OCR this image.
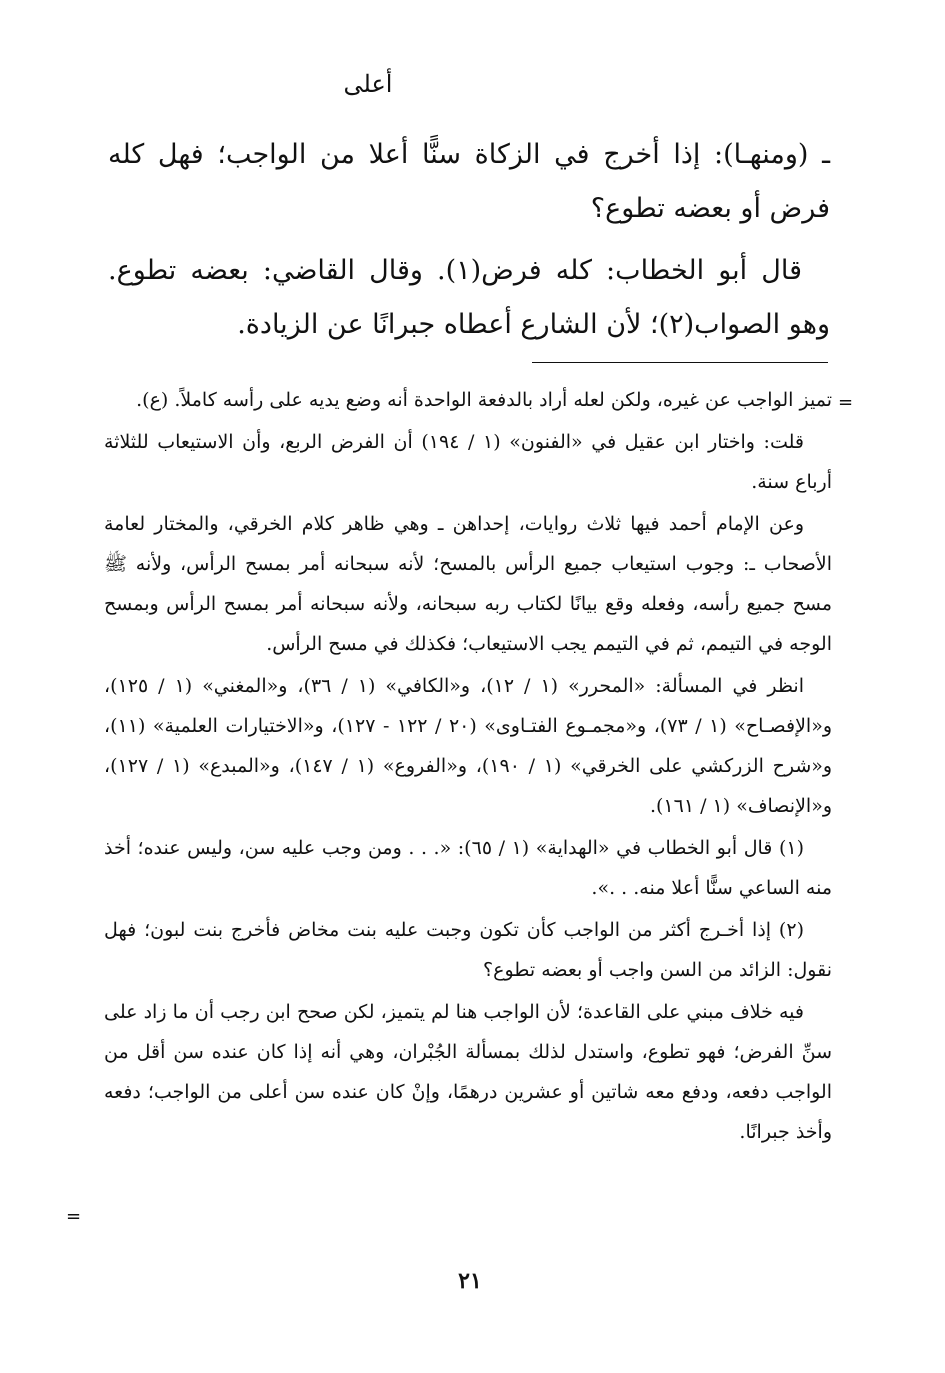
أعلى

ـ (ومنهـا): إذا أخرج في الزكاة سنًّا أعلا من الواجب؛ فهل كله فرض أو بعضه تطوع؟

قال أبو الخطاب: كله فرض(١). وقال القاضي: بعضه تطوع. وهو الصواب(٢)؛ لأن الشارع أعطاه جبرانًا عن الزيادة.

=

تميز الواجب عن غيره، ولكن لعله أراد بالدفعة الواحدة أنه وضع يديه على رأسه كاملاً. (ع).

قلت: واختار ابن عقيل في «الفنون» (١ / ١٩٤) أن الفرض الربع، وأن الاستيعاب للثلاثة أرباع سنة.

وعن الإمام أحمد فيها ثلاث روايات، إحداهن ـ وهي ظاهر كلام الخرقي، والمختار لعامة الأصحاب ـ: وجوب استيعاب جميع الرأس بالمسح؛ لأنه سبحانه أمر بمسح الرأس، ولأنه ﷺ مسح جميع رأسه، وفعله وقع بيانًا لكتاب ربه سبحانه، ولأنه سبحانه أمر بمسح الرأس وبمسح الوجه في التيمم، ثم في التيمم يجب الاستيعاب؛ فكذلك في مسح الرأس.

انظر في المسألة: «المحرر» (١ / ١٢)، و«الكافي» (١ / ٣٦)، و«المغني» (١ / ١٢٥)، و«الإفصـاح» (١ / ٧٣)، و«مجمـوع الفتـاوى» (٢٠ / ١٢٢ - ١٢٧)، و«الاختيارات العلمية» (١١)، و«شرح الزركشي على الخرقي» (١ / ١٩٠)، و«الفروع» (١ / ١٤٧)، و«المبدع» (١ / ١٢٧)، و«الإنصاف» (١ / ١٦١).

(١) قال أبو الخطاب في «الهداية» (١ / ٦٥): «. . . ومن وجب عليه سن، وليس عنده؛ أخذ منه الساعي سنًّا أعلا منه. . .».

(٢) إذا أخـرج أكثر من الواجب كأن تكون وجبت عليه بنت مخاض فأخرج بنت لبون؛ فهل نقول: الزائد من السن واجب أو بعضه تطوع؟

فيه خلاف مبني على القاعدة؛ لأن الواجب هنا لم يتميز، لكن صحح ابن رجب أن ما زاد على سنِّ الفرض؛ فهو تطوع، واستدل لذلك بمسألة الجُبْران، وهي أنه إذا كان عنده سن أقل من الواجب دفعه، ودفع معه شاتين أو عشرين درهمًا، وإنْ كان عنده سن أعلى من الواجب؛ دفعه وأخذ جبرانًا.

=
٢١
